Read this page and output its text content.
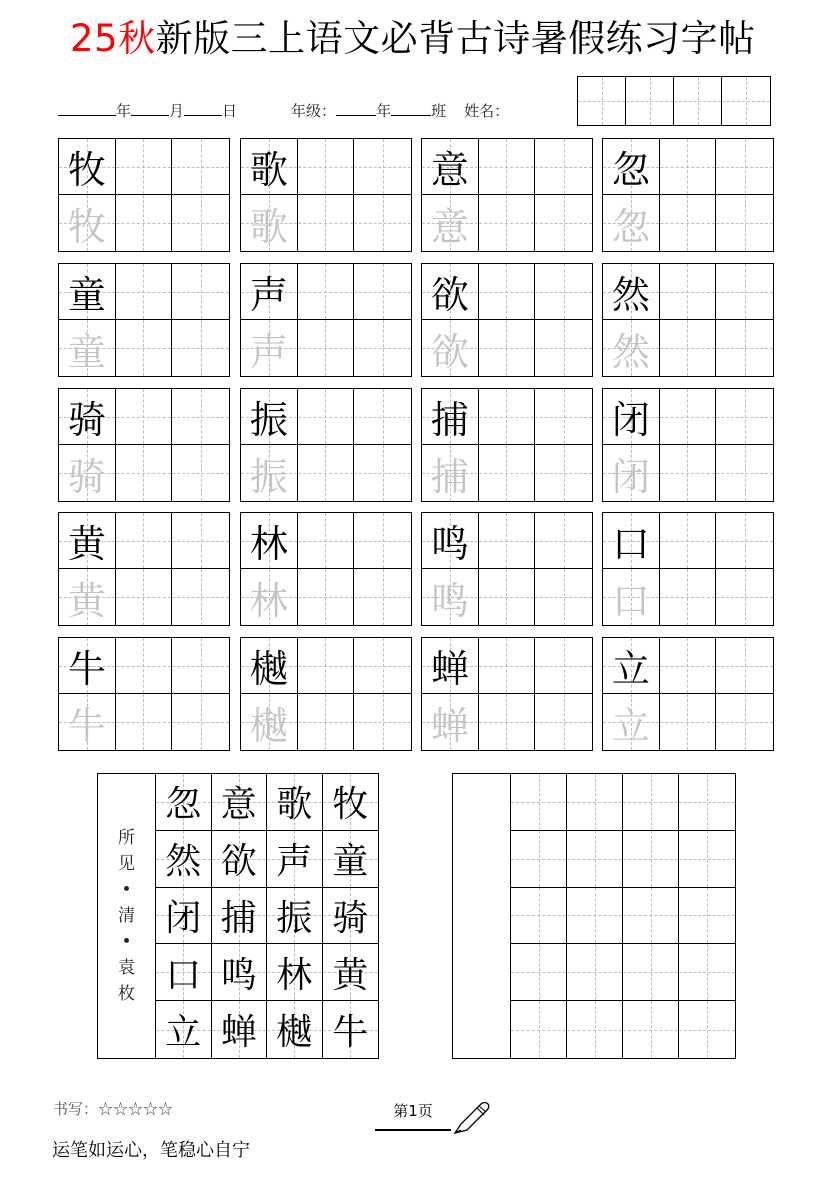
25秋新版三上语文必背古诗暑假练习字帖
年	月	日	年级：	年	班 姓名：
牧
牧
歌
歌
意
意
忽
忽
童
童
声
声
欲
欲
然
然
骑
骑
振
振
捕
捕
闭
闭
黄
黄
林
林
鸣
鸣
口
口
牛
牛
樾
樾
蝉
蝉
立
立
所
见
•
清
•
袁
枚
忽 意 歌 牧
然 欲 声 童
闭 捕 振 骑
口 鸣 林 黄
立 蝉 樾 牛
书写：☆☆☆☆☆
运笔如运心，笔稳心自宁
第1页
